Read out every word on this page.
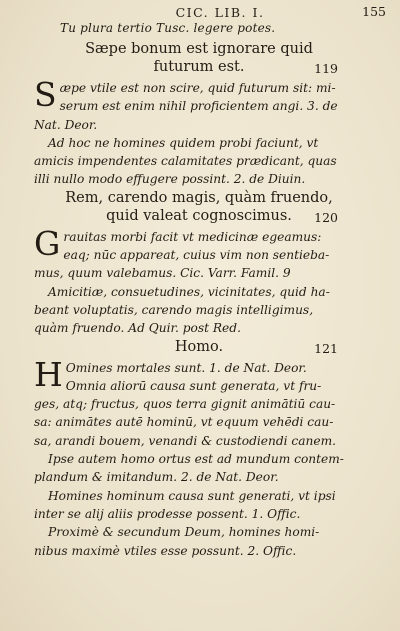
CIC. LIB. I.	155
Tu plura tertio Tusc. legere potes.
Sæpe bonum est ignorare quid
futurum est.	119

Sæpe vtile est non scire, quid futurum sit: mi-
serum est enim nihil proficientem angi. 3. de
Nat. Deor.

Ad hoc ne homines quidem probi faciunt, vt
amicis impendentes calamitates prædicant, quas
illi nullo modo effugere possint. 2. de Diuin.

Rem, carendo magis, quàm fruendo,
quid valeat cognoscimus.	120

Grauitas morbi facit vt medicinæ egeamus:
eaq; nūc appareat, cuius vim non sentieba-
mus, quum valebamus. Cic. Varr. Famil. 9

Amicitiæ, consuetudines, vicinitates, quid ha-
beant voluptatis, carendo magis intelligimus,
quàm fruendo. Ad Quir. post Red.

Homo.	121

H Omines mortales sunt. 1. de Nat. Deor.
Omnia aliorū causa sunt generata, vt fru-
ges, atq; fructus, quos terra gignit animātiū cau-
sa: animātes autē hominū, vt equum vehēdi cau-
sa, arandi bouem, venandi & custodiendi canem.

Ipse autem homo ortus est ad mundum contem-
plandum & imitandum. 2. de Nat. Deor.

Homines hominum causa sunt generati, vt ipsi
inter se alij aliis prodesse possent. 1. Offic.

Proximè & secundum Deum, homines homi-
nibus maximè vtiles esse possunt. 2. Offic.
